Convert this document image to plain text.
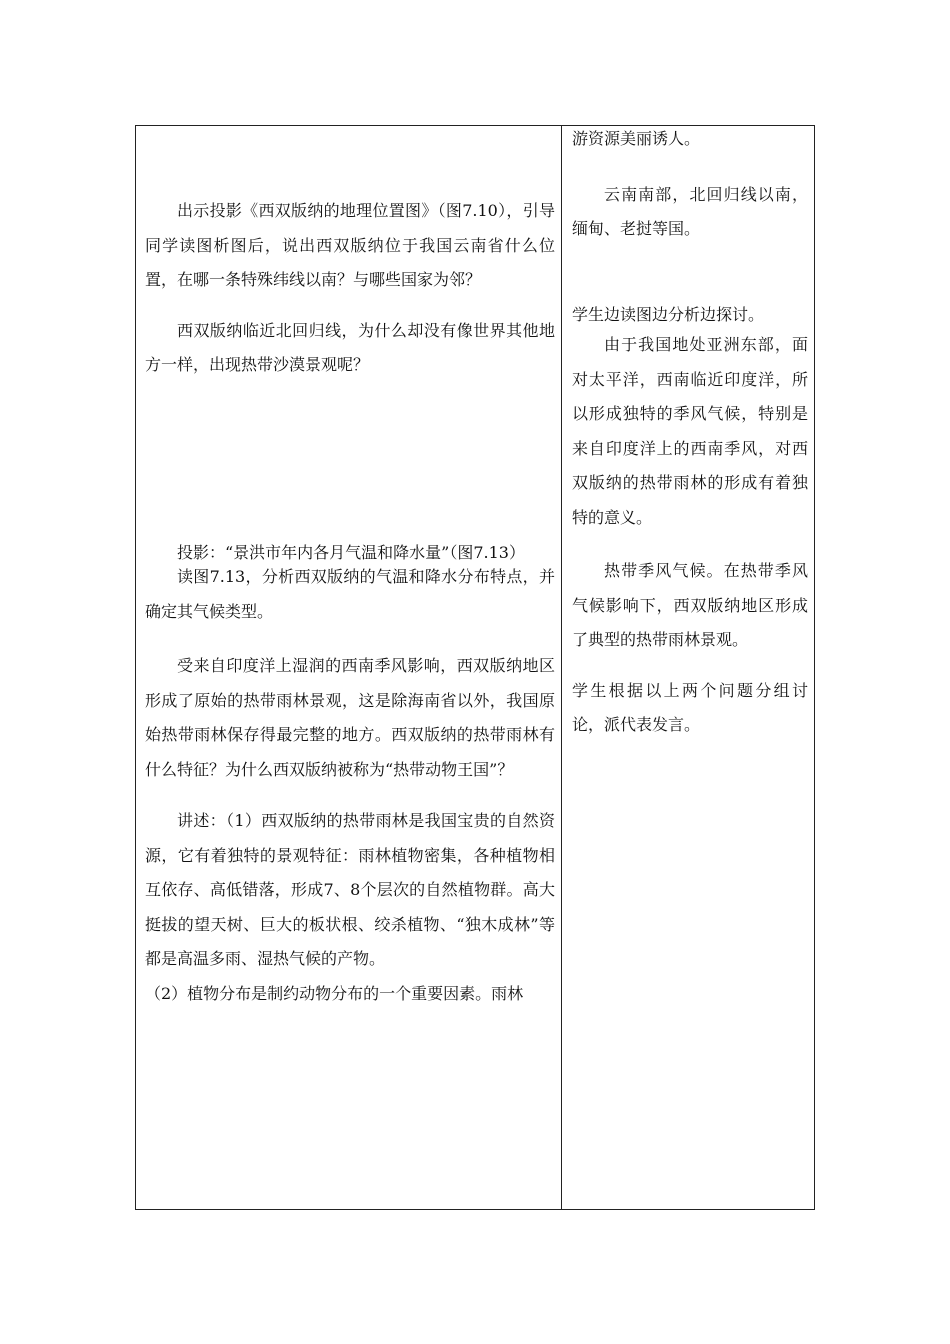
出示投影《西双版纳的地理位置图》（图7.10），引导同学读图析图后，说出西双版纳位于我国云南省什么位置，在哪一条特殊纬线以南？与哪些国家为邻？

西双版纳临近北回归线，为什么却没有像世界其他地方一样，出现热带沙漠景观呢？

投影：“景洪市年内各月气温和降水量”（图7.13）

读图7.13，分析西双版纳的气温和降水分布特点，并确定其气候类型。

受来自印度洋上湿润的西南季风影响，西双版纳地区形成了原始的热带雨林景观，这是除海南省以外，我国原始热带雨林保存得最完整的地方。西双版纳的热带雨林有什么特征？为什么西双版纳被称为“热带动物王国”？

讲述：（1）西双版纳的热带雨林是我国宝贵的自然资源，它有着独特的景观特征：雨林植物密集，各种植物相互依存、高低错落，形成7、8个层次的自然植物群。高大挺拔的望天树、巨大的板状根、绞杀植物、“独木成林”等都是高温多雨、湿热气候的产物。

（2）植物分布是制约动物分布的一个重要因素。雨林

游资源美丽诱人。

云南南部，北回归线以南，缅甸、老挝等国。

学生边读图边分析边探讨。

由于我国地处亚洲东部，面对太平洋，西南临近印度洋，所以形成独特的季风气候，特别是来自印度洋上的西南季风，对西双版纳的热带雨林的形成有着独特的意义。

热带季风气候。在热带季风气候影响下，西双版纳地区形成了典型的热带雨林景观。

学生根据以上两个问题分组讨论，派代表发言。
